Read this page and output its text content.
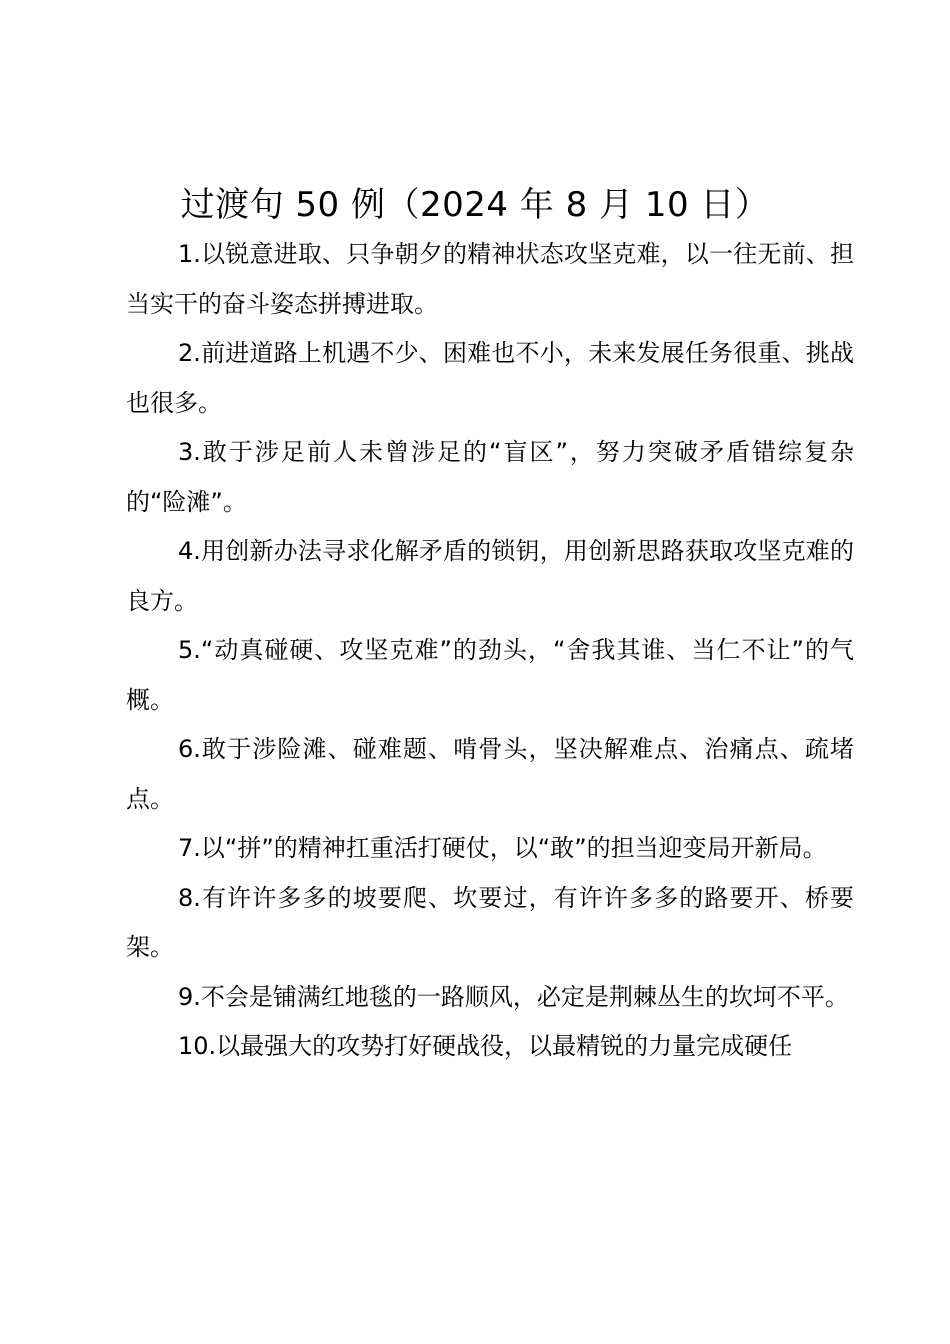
过渡句 50 例（2024 年 8 月 10 日）

1.以锐意进取、只争朝夕的精神状态攻坚克难，以一往无前、担当实干的奋斗姿态拼搏进取。

2.前进道路上机遇不少、困难也不小，未来发展任务很重、挑战也很多。

3.敢于涉足前人未曾涉足的“盲区”，努力突破矛盾错综复杂的“险滩”。

4.用创新办法寻求化解矛盾的锁钥，用创新思路获取攻坚克难的良方。

5.“动真碰硬、攻坚克难”的劲头，“舍我其谁、当仁不让”的气概。

6.敢于涉险滩、碰难题、啃骨头，坚决解难点、治痛点、疏堵点。

7.以“拼”的精神扛重活打硬仗，以“敢”的担当迎变局开新局。

8.有许许多多的坡要爬、坎要过，有许许多多的路要开、桥要架。

9.不会是铺满红地毯的一路顺风，必定是荆棘丛生的坎坷不平。

10.以最强大的攻势打好硬战役，以最精锐的力量完成硬任
